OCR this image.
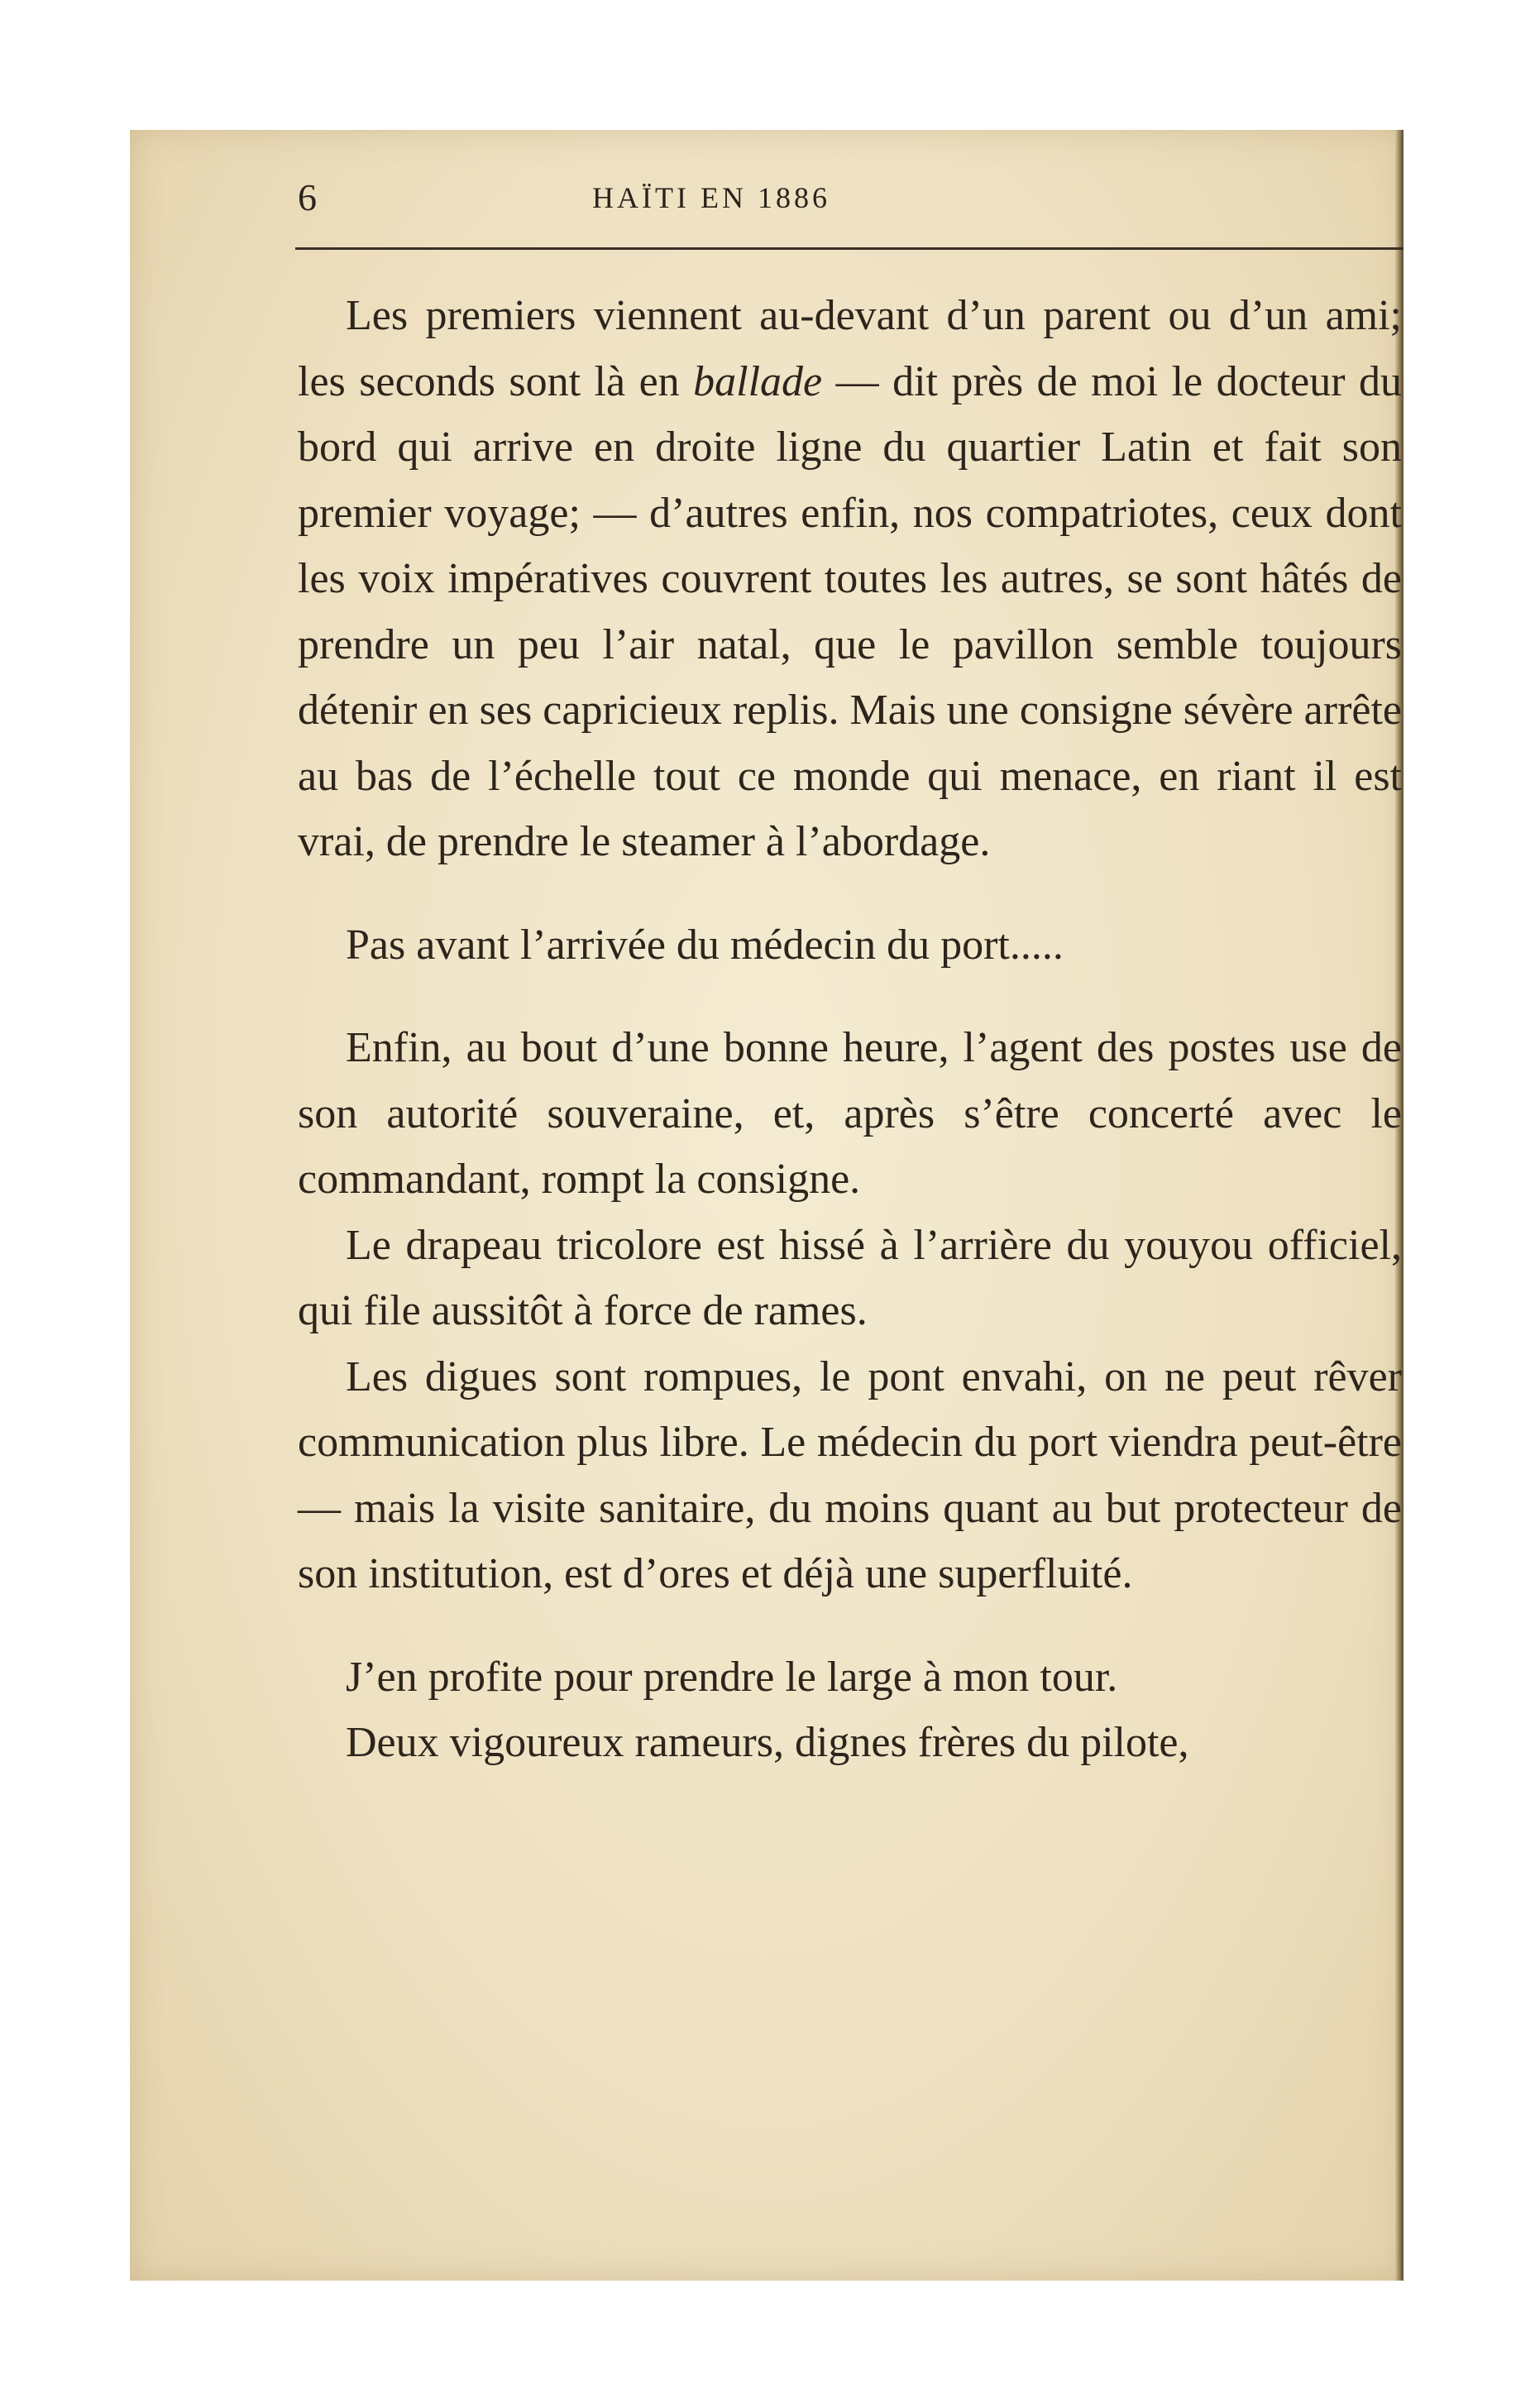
6	HAÏTI EN 1886

Les premiers viennent au-devant d’un parent ou d’un ami; les seconds sont là en ballade — dit près de moi le docteur du bord qui arrive en droite ligne du quartier Latin et fait son premier voyage; — d’autres enfin, nos compatriotes, ceux dont les voix impératives couvrent toutes les autres, se sont hâtés de prendre un peu l’air natal, que le pavillon semble toujours détenir en ses capricieux replis. Mais une consigne sévère arrête au bas de l’échelle tout ce monde qui menace, en riant il est vrai, de prendre le steamer à l’abordage.

Pas avant l’arrivée du médecin du port.....

Enfin, au bout d’une bonne heure, l’agent des postes use de son autorité souveraine, et, après s’être concerté avec le commandant, rompt la consigne.

Le drapeau tricolore est hissé à l’arrière du youyou officiel, qui file aussitôt à force de rames.

Les digues sont rompues, le pont envahi, on ne peut rêver communication plus libre. Le médecin du port viendra peut-être — mais la visite sanitaire, du moins quant au but protecteur de son institution, est d’ores et déjà une superfluité.

J’en profite pour prendre le large à mon tour.

Deux vigoureux rameurs, dignes frères du pilote,
